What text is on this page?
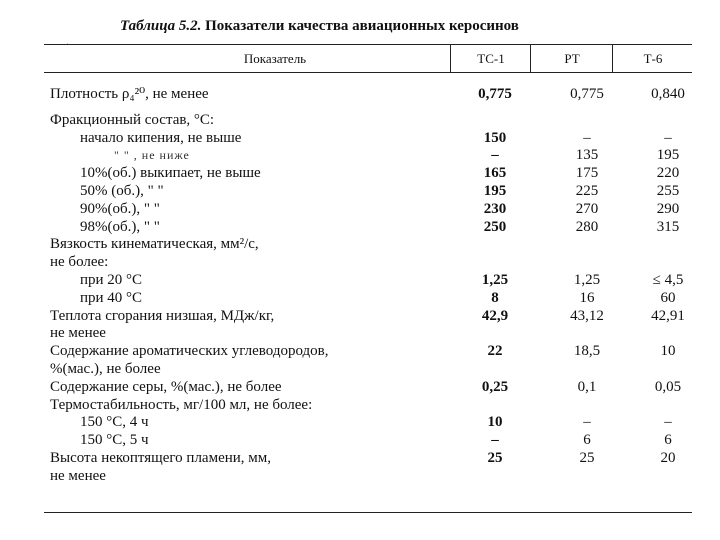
Таблица 5.2. Показатели качества авиационных керосинов
.
Показатель	ТС-1	РТ	Т-6
Плотность ρ₄²⁰, не менее	0,775	0,775	0,840
Фракционный состав, °С:
начало кипения, не выше	150	–	–
" " , не ниже	–	135	195
10%(об.) выкипает, не выше	165	175	220
50% (об.), " "	195	225	255
90%(об.), " "	230	270	290
98%(об.), " "	250	280	315
Вязкость кинематическая, мм²/с,
не более:
при 20 °С	1,25	1,25	≤ 4,5
при 40 °С	8	16	60
Теплота сгорания низшая, МДж/кг,	42,9	43,12	42,91
не менее
Содержание ароматических углеводородов,	22	18,5	10
%(мас.), не более
Содержание серы, %(мас.), не более	0,25	0,1	0,05
Термостабильность, мг/100 мл, не более:
150 °С, 4 ч	10	–	–
150 °С, 5 ч	–	6	6
Высота некоптящего пламени, мм,	25	25	20
не менее
